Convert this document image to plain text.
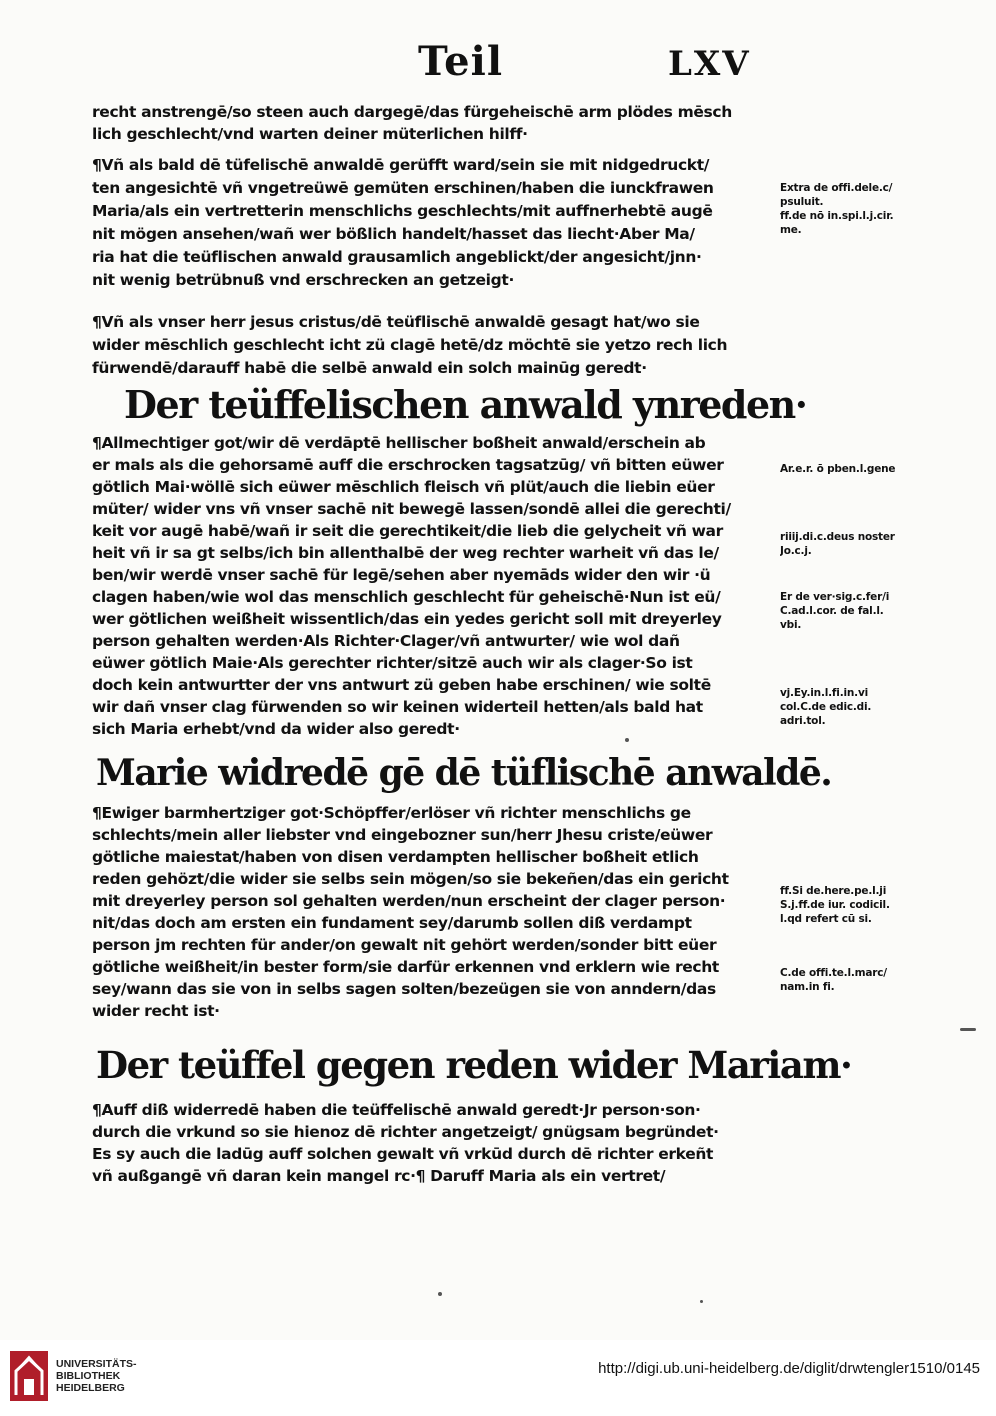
Teil	LXV
recht anstrengē/so steen auch dargegē/das fürgeheischē arm plödes mēsch
lich geschlecht/vnd warten deiner müterlichen hilff·
¶Vñ als bald dē tüfelischē anwaldē gerüfft ward/sein sie mit nidgedruckt/
ten angesichtē vñ vngetreüwē gemüten erschinen/haben die iunckfrawen
Maria/als ein vertretterin menschlichs geschlechts/mit auffnerhebtē augē
nit mögen ansehen/wañ wer bößlich handelt/hasset das liecht·Aber Ma/
ria hat die teüflischen anwald grausamlich angeblickt/der angesicht/jnn·
nit wenig betrübnuß vnd erschrecken an getzeigt·
¶Vñ als vnser herr jesus cristus/dē teüflischē anwaldē gesagt hat/wo sie
wider mēschlich geschlecht icht zü clagē hetē/dz möchtē sie yetzo rech lich
fürwendē/darauff habē die selbē anwald ein solch mainūg geredt·
Der teüffelischen anwald ynreden·
¶Allmechtiger got/wir dē verdāptē hellischer boßheit anwald/erschein ab
er mals als die gehorsamē auff die erschrocken tagsatzūg/ vñ bitten eüwer
götlich Mai·wöllē sich eüwer mēschlich fleisch vñ plüt/auch die liebin eüer
müter/ wider vns vñ vnser sachē nit bewegē lassen/sondē allei die gerechti/
keit vor augē habē/wañ ir seit die gerechtikeit/die lieb die gelycheit vñ war
heit vñ ir sa gt selbs/ich bin allenthalbē der weg rechter warheit vñ das le/
ben/wir werdē vnser sachē für legē/sehen aber nyemāds wider den wir ·ü
clagen haben/wie wol das menschlich geschlecht für geheischē·Nun ist eü/
wer götlichen weißheit wissentlich/das ein yedes gericht soll mit dreyerley
person gehalten werden·Als Richter·Clager/vñ antwurter/ wie wol dañ
eüwer götlich Maie·Als gerechter richter/sitzē auch wir als clager·So ist
doch kein antwurtter der vns antwurt zü geben habe erschinen/ wie soltē
wir dañ vnser clag fürwenden so wir keinen widerteil hetten/als bald hat
sich Maria erhebt/vnd da wider also geredt·
Marie widredē gē dē tüflischē anwaldē.
¶Ewiger barmhertziger got·Schöpffer/erlöser vñ richter menschlichs ge
schlechts/mein aller liebster vnd eingebozner sun/herr Jhesu criste/eüwer
götliche maiestat/haben von disen verdampten hellischer boßheit etlich
reden gehözt/die wider sie selbs sein mögen/so sie bekeñen/das ein gericht
mit dreyerley person sol gehalten werden/nun erscheint der clager person·
nit/das doch am ersten ein fundament sey/darumb sollen diß verdampt
person jm rechten für ander/on gewalt nit gehört werden/sonder bitt eüer
götliche weißheit/in bester form/sie darfür erkennen vnd erklern wie recht
sey/wann das sie von in selbs sagen solten/bezeügen sie von anndern/das
wider recht ist·
Der teüffel gegen reden wider Mariam·
¶Auff diß widerredē haben die teüffelischē anwald geredt·Jr person·son·
durch die vrkund so sie hienoz dē richter angetzeigt/ gnügsam begründet·
Es sy auch die ladūg auff solchen gewalt vñ vrkūd durch dē richter erkeñt
vñ außgangē vñ daran kein mangel rc·¶ Daruff Maria als ein vertret/
Extra de offi.dele.c/
psuluit.
ff.de nō in.spi.l.j.cir.
me.
Ar.e.r. ō pben.l.gene
riiij.di.c.deus noster
Jo.c.j.
Er de ver·sig.c.fer/i
C.ad.l.cor. de fal.l.
vbi.
vj.Ey.in.l.fi.in.vi
col.C.de edic.di.
adri.tol.
ff.Si de.here.pe.l.ji
S.j.ff.de iur. codicil.
l.qd refert cū si.
C.de offi.te.l.marc/
nam.in fi.
UNIVERSITÄTS-
BIBLIOTHEK
HEIDELBERG
http://digi.ub.uni-heidelberg.de/diglit/drwtengler1510/0145
